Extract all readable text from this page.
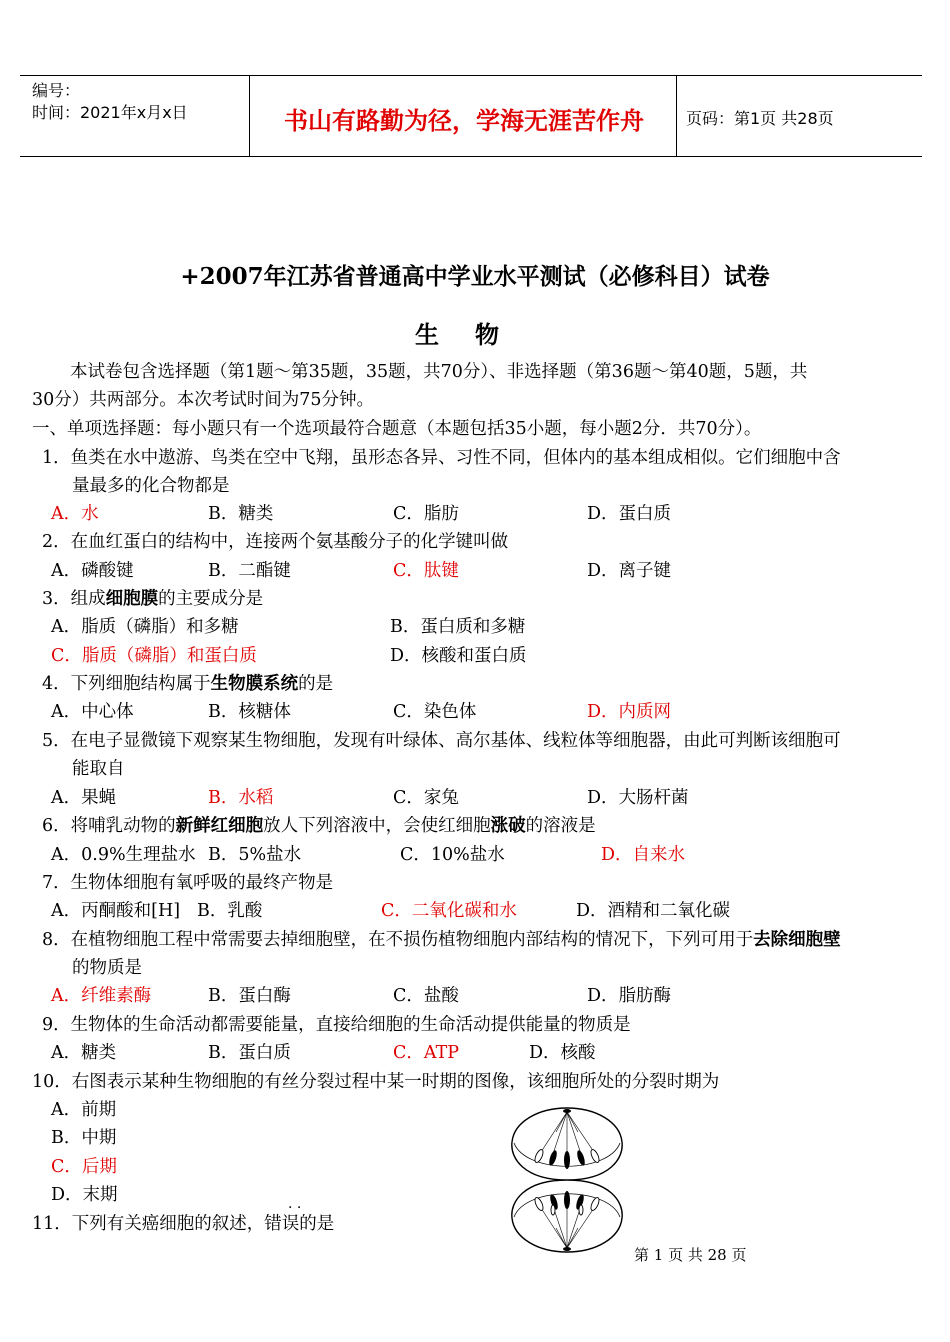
编号：
时间：2021年x月x日	书山有路勤为径，学海无涯苦作舟	页码：第1页 共28页
+2007年江苏省普通高中学业水平测试（必修科目）试卷
生物
本试卷包含选择题（第1题～第35题，35题，共70分）、非选择题（第36题～第40题，5题，共
30分）共两部分。本次考试时间为75分钟。
一、单项选择题：每小题只有一个选项最符合题意（本题包括35小题，每小题2分．共70分）。
1．鱼类在水中遨游、鸟类在空中飞翔，虽形态各异、习性不同，但体内的基本组成相似。它们细胞中含
量最多的化合物都是
A．水	B．糖类	C．脂肪	D．蛋白质
2．在血红蛋白的结构中，连接两个氨基酸分子的化学键叫做
A．磷酸键	B．二酯键	C．肽键	D．离子键
3．组成细胞膜的主要成分是
A．脂质（磷脂）和多糖	B．蛋白质和多糖
C．脂质（磷脂）和蛋白质	D．核酸和蛋白质
4．下列细胞结构属于生物膜系统的是
A．中心体	B．核糖体	C．染色体	D．内质网
5．在电子显微镜下观察某生物细胞，发现有叶绿体、高尔基体、线粒体等细胞器，由此可判断该细胞可
能取自
A．果蝇	B．水稻	C．家兔	D．大肠杆菌
6．将哺乳动物的新鲜红细胞放人下列溶液中，会使红细胞涨破的溶液是
A．0.9%生理盐水 B．5%盐水	C．10%盐水	D．自来水
7．生物体细胞有氧呼吸的最终产物是
A．丙酮酸和[H] B．乳酸	C．二氧化碳和水	D．酒精和二氧化碳
8．在植物细胞工程中常需要去掉细胞壁，在不损伤植物细胞内部结构的情况下，下列可用于去除细胞壁
的物质是
A．纤维素酶	B．蛋白酶	C．盐酸	D．脂肪酶
9．生物体的生命活动都需要能量，直接给细胞的生命活动提供能量的物质是
A．糖类	B．蛋白质	C．ATP	D．核酸
10．右图表示某种生物细胞的有丝分裂过程中某一时期的图像，该细胞所处的分裂时期为
A．前期
B．中期
C．后期
D．末期
· ·
11．下列有关癌细胞的叙述，错误的是
第 1 页 共 28 页
